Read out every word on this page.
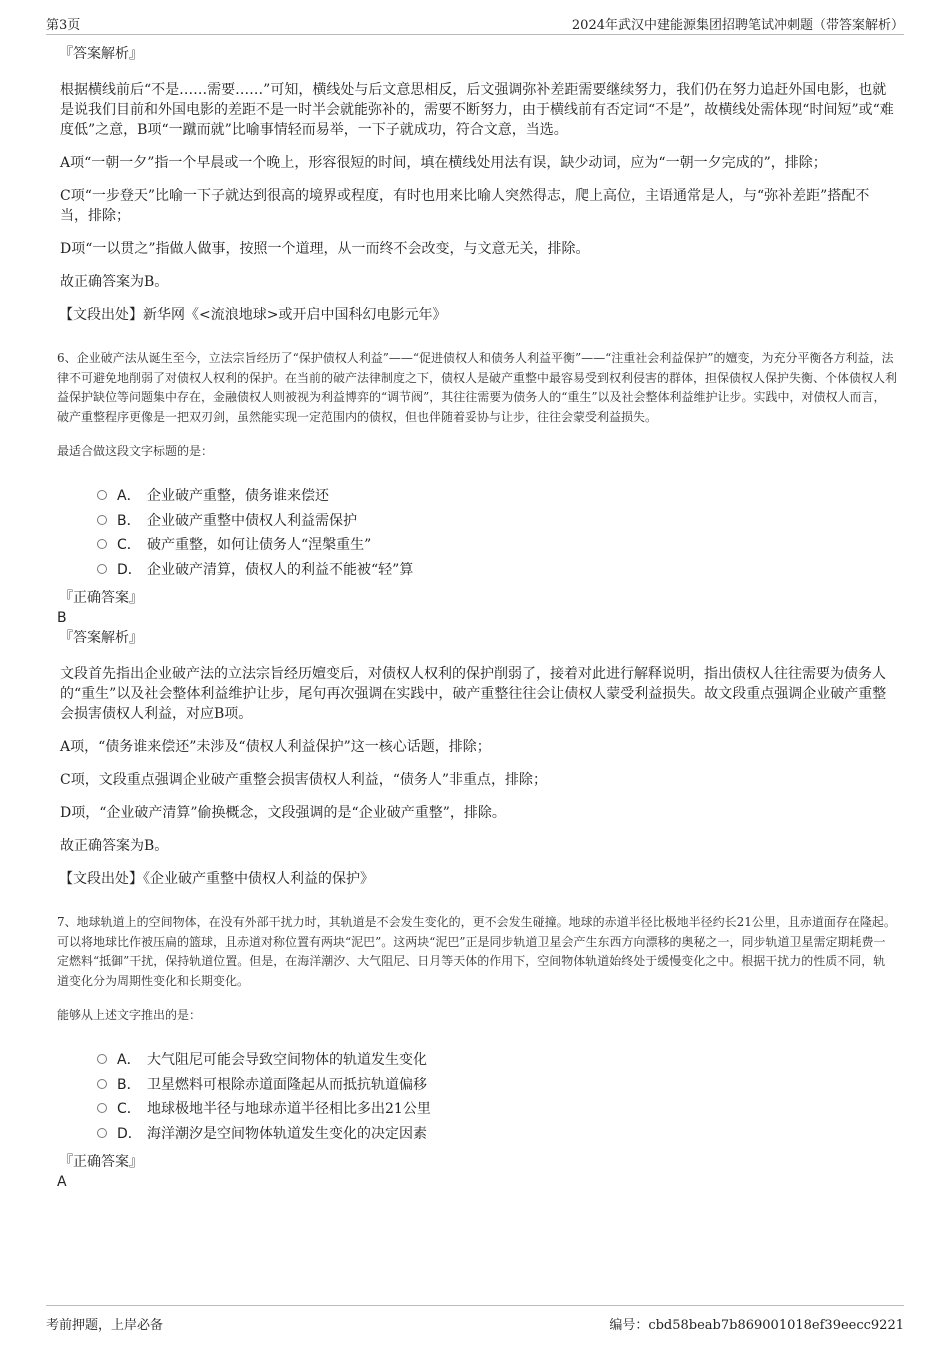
第3页	2024年武汉中建能源集团招聘笔试冲刺题（带答案解析）
『答案解析』

根据横线前后“不是……需要……”可知，横线处与后文意思相反，后文强调弥补差距需要继续努力，我们仍在努力追赶外国电影，也就是说我们目前和外国电影的差距不是一时半会就能弥补的，需要不断努力，由于横线前有否定词“不是”，故横线处需体现“时间短”或“难度低”之意，B项“一蹴而就”比喻事情轻而易举，一下子就成功，符合文意，当选。

A项“一朝一夕”指一个早晨或一个晚上，形容很短的时间，填在横线处用法有误，缺少动词，应为“一朝一夕完成的”，排除；

C项“一步登天”比喻一下子就达到很高的境界或程度，有时也用来比喻人突然得志，爬上高位，主语通常是人，与“弥补差距”搭配不当，排除；

D项“一以贯之”指做人做事，按照一个道理，从一而终不会改变，与文意无关，排除。

故正确答案为B。

【文段出处】新华网《<流浪地球>或开启中国科幻电影元年》

6、企业破产法从诞生至今，立法宗旨经历了“保护债权人利益”——“促进债权人和债务人利益平衡”——“注重社会利益保护”的嬗变，为充分平衡各方利益，法律不可避免地削弱了对债权人权利的保护。在当前的破产法律制度之下，债权人是破产重整中最容易受到权利侵害的群体，担保债权人保护失衡、个体债权人利益保护缺位等问题集中存在，金融债权人则被视为利益博弈的“调节阀”，其往往需要为债务人的“重生”以及社会整体利益维护让步。实践中，对债权人而言，破产重整程序更像是一把双刃剑，虽然能实现一定范围内的债权，但也伴随着妥协与让步，往往会蒙受利益损失。

最适合做这段文字标题的是：

A． 企业破产重整，债务谁来偿还
B． 企业破产重整中债权人利益需保护
C． 破产重整，如何让债务人“涅槃重生”
D． 企业破产清算，债权人的利益不能被“轻”算
『正确答案』
B
『答案解析』

文段首先指出企业破产法的立法宗旨经历嬗变后，对债权人权利的保护削弱了，接着对此进行解释说明，指出债权人往往需要为债务人的“重生”以及社会整体利益维护让步，尾句再次强调在实践中，破产重整往往会让债权人蒙受利益损失。故文段重点强调企业破产重整会损害债权人利益，对应B项。

A项，“债务谁来偿还”未涉及“债权人利益保护”这一核心话题，排除；

C项，文段重点强调企业破产重整会损害债权人利益，“债务人”非重点，排除；

D项，“企业破产清算”偷换概念，文段强调的是“企业破产重整”，排除。

故正确答案为B。

【文段出处】《企业破产重整中债权人利益的保护》

7、地球轨道上的空间物体，在没有外部干扰力时，其轨道是不会发生变化的，更不会发生碰撞。地球的赤道半径比极地半径约长21公里，且赤道面存在隆起。可以将地球比作被压扁的篮球，且赤道对称位置有两块“泥巴”。这两块“泥巴”正是同步轨道卫星会产生东西方向漂移的奥秘之一，同步轨道卫星需定期耗费一定燃料“抵御”干扰，保持轨道位置。但是，在海洋潮汐、大气阻尼、日月等天体的作用下，空间物体轨道始终处于缓慢变化之中。根据干扰力的性质不同，轨道变化分为周期性变化和长期变化。

能够从上述文字推出的是：

A． 大气阻尼可能会导致空间物体的轨道发生变化
B． 卫星燃料可根除赤道面隆起从而抵抗轨道偏移
C． 地球极地半径与地球赤道半径相比多出21公里
D． 海洋潮汐是空间物体轨道发生变化的决定因素
『正确答案』
A
考前押题，上岸必备	编号：cbd58beab7b869001018ef39eecc9221
